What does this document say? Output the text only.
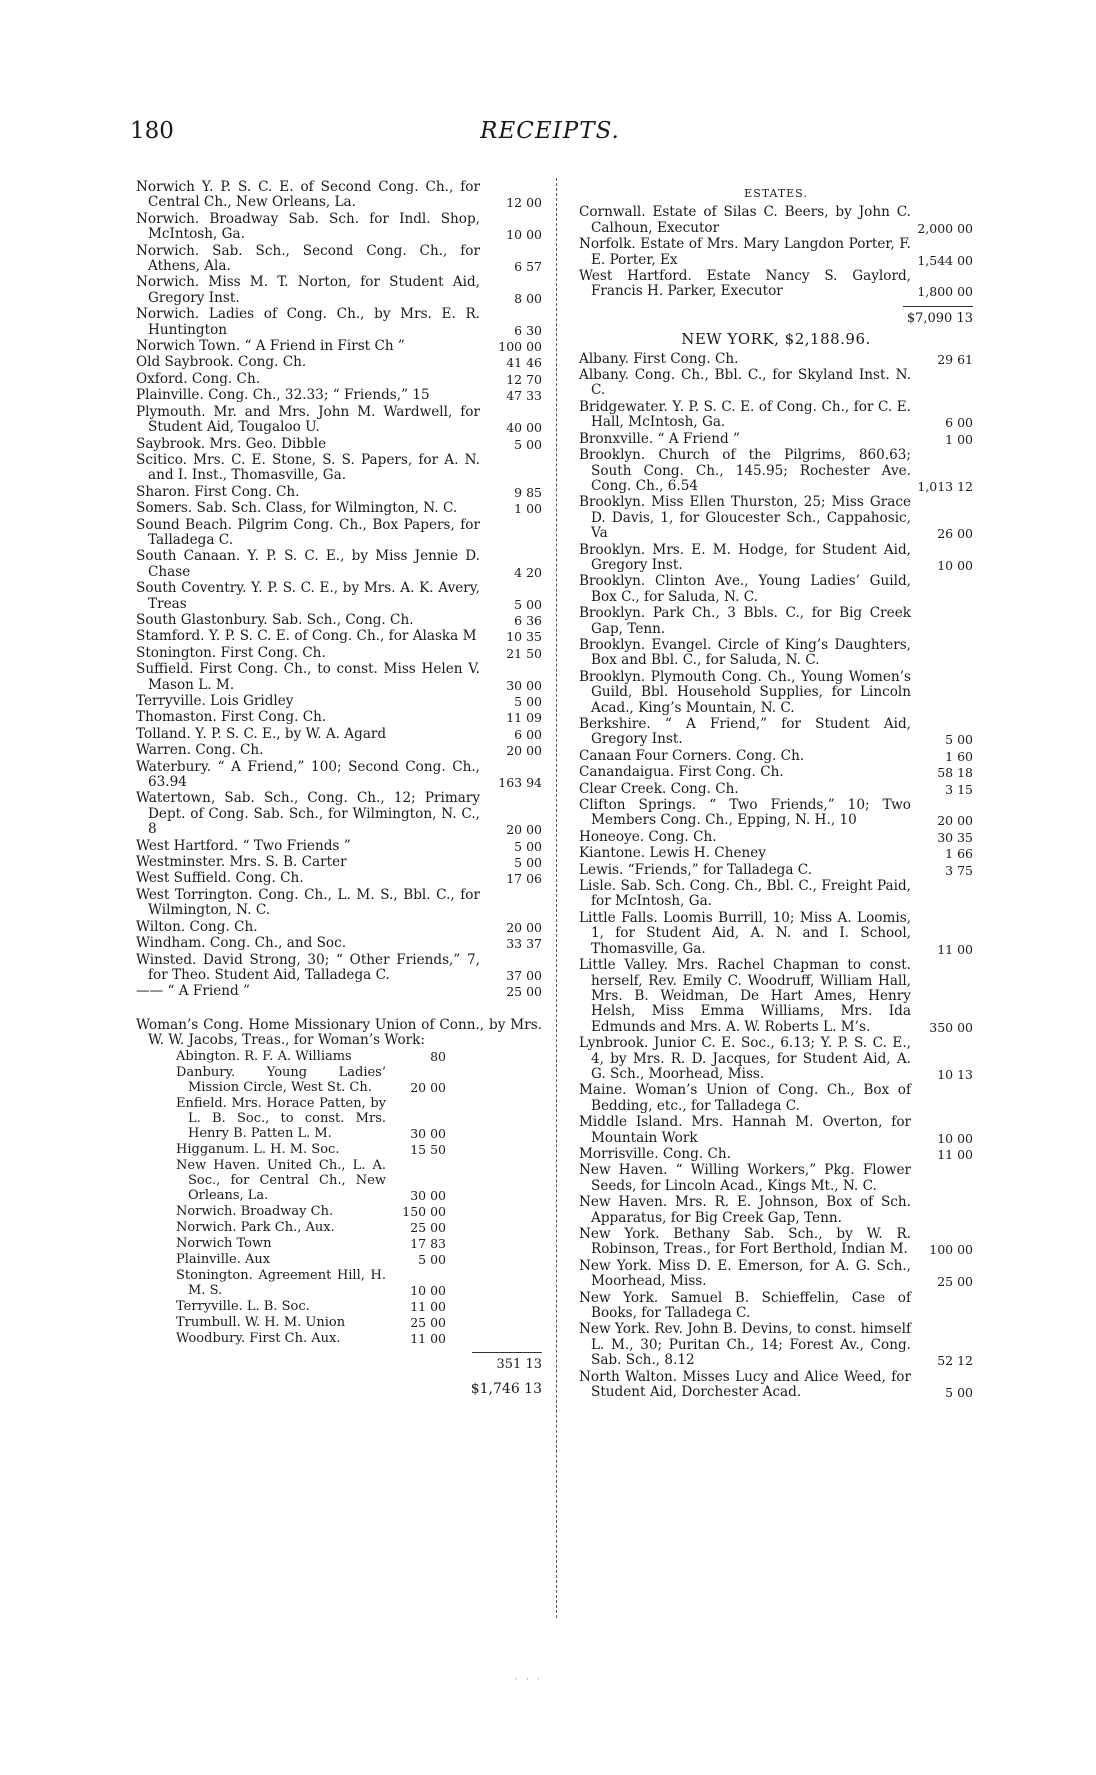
180	RECEIPTS.
Norwich Y. P. S. C. E. of Second Cong. Ch., for Central Ch., New Orleans, La.	12 00
Norwich. Broadway Sab. Sch. for Indl. Shop, McIntosh, Ga.	10 00
Norwich. Sab. Sch., Second Cong. Ch., for Athens, Ala.	6 57
Norwich. Miss M. T. Norton, for Student Aid, Gregory Inst.	8 00
Norwich. Ladies of Cong. Ch., by Mrs. E. R. Huntington	6 30
Norwich Town. “ A Friend in First Ch ”	100 00
Old Saybrook. Cong. Ch.	41 46
Oxford. Cong. Ch.	12 70
Plainville. Cong. Ch., 32.33; “ Friends,” 15	47 33
Plymouth. Mr. and Mrs. John M. Wardwell, for Student Aid, Tougaloo U.	40 00
Saybrook. Mrs. Geo. Dibble	5 00
Scitico. Mrs. C. E. Stone, S. S. Papers, for A. N. and I. Inst., Thomasville, Ga.
Sharon. First Cong. Ch.	9 85
Somers. Sab. Sch. Class, for Wilmington, N. C.	1 00
Sound Beach. Pilgrim Cong. Ch., Box Papers, for Talladega C.
South Canaan. Y. P. S. C. E., by Miss Jennie D. Chase	4 20
South Coventry. Y. P. S. C. E., by Mrs. A. K. Avery, Treas	5 00
South Glastonbury. Sab. Sch., Cong. Ch.	6 36
Stamford. Y. P. S. C. E. of Cong. Ch., for Alaska M	10 35
Stonington. First Cong. Ch.	21 50
Suffield. First Cong. Ch., to const. Miss Helen V. Mason L. M.	30 00
Terryville. Lois Gridley	5 00
Thomaston. First Cong. Ch.	11 09
Tolland. Y. P. S. C. E., by W. A. Agard	6 00
Warren. Cong. Ch.	20 00
Waterbury. “ A Friend,” 100; Second Cong. Ch., 63.94	163 94
Watertown, Sab. Sch., Cong. Ch., 12; Primary Dept. of Cong. Sab. Sch., for Wilmington, N. C., 8	20 00
West Hartford. “ Two Friends ”	5 00
Westminster. Mrs. S. B. Carter	5 00
West Suffield. Cong. Ch.	17 06
West Torrington. Cong. Ch., L. M. S., Bbl. C., for Wilmington, N. C.
Wilton. Cong. Ch.	20 00
Windham. Cong. Ch., and Soc.	33 37
Winsted. David Strong, 30; “ Other Friends,” 7, for Theo. Student Aid, Talladega C.	37 00
—— “ A Friend ”	25 00
Woman’s Cong. Home Missionary Union of Conn., by Mrs. W. W. Jacobs, Treas., for Woman’s Work:
Abington. R. F. A. Williams	80
Danbury. Young Ladies’ Mission Circle, West St. Ch.	20 00
Enfield. Mrs. Horace Patten, by L. B. Soc., to const. Mrs. Henry B. Patten L. M.	30 00
Higganum. L. H. M. Soc.	15 50
New Haven. United Ch., L. A. Soc., for Central Ch., New Orleans, La.	30 00
Norwich. Broadway Ch.	150 00
Norwich. Park Ch., Aux.	25 00
Norwich Town	17 83
Plainville. Aux	5 00
Stonington. Agreement Hill, H. M. S.	10 00
Terryville. L. B. Soc.	11 00
Trumbull. W. H. M. Union	25 00
Woodbury. First Ch. Aux.	11 00
351 13
$1,746 13
ESTATES.
Cornwall. Estate of Silas C. Beers, by John C. Calhoun, Executor	2,000 00
Norfolk. Estate of Mrs. Mary Langdon Porter, F. E. Porter, Ex	1,544 00
West Hartford. Estate Nancy S. Gaylord, Francis H. Parker, Executor	1,800 00
$7,090 13
NEW YORK, $2,188.96.
Albany. First Cong. Ch.	29 61
Albany. Cong. Ch., Bbl. C., for Skyland Inst. N. C.
Bridgewater. Y. P. S. C. E. of Cong. Ch., for C. E. Hall, McIntosh, Ga.	6 00
Bronxville. “ A Friend ”	1 00
Brooklyn. Church of the Pilgrims, 860.63; South Cong. Ch., 145.95; Rochester Ave. Cong. Ch., 6.54	1,013 12
Brooklyn. Miss Ellen Thurston, 25; Miss Grace D. Davis, 1, for Gloucester Sch., Cappahosic, Va	26 00
Brooklyn. Mrs. E. M. Hodge, for Student Aid, Gregory Inst.	10 00
Brooklyn. Clinton Ave., Young Ladies’ Guild, Box C., for Saluda, N. C.
Brooklyn. Park Ch., 3 Bbls. C., for Big Creek Gap, Tenn.
Brooklyn. Evangel. Circle of King’s Daughters, Box and Bbl. C., for Saluda, N. C.
Brooklyn. Plymouth Cong. Ch., Young Women’s Guild, Bbl. Household Supplies, for Lincoln Acad., King’s Mountain, N. C.
Berkshire. “ A Friend,” for Student Aid, Gregory Inst.	5 00
Canaan Four Corners. Cong. Ch.	1 60
Canandaigua. First Cong. Ch.	58 18
Clear Creek. Cong. Ch.	3 15
Clifton Springs. “ Two Friends,” 10; Two Members Cong. Ch., Epping, N. H., 10	20 00
Honeoye. Cong. Ch.	30 35
Kiantone. Lewis H. Cheney	1 66
Lewis. “Friends,” for Talladega C.	3 75
Lisle. Sab. Sch. Cong. Ch., Bbl. C., Freight Paid, for McIntosh, Ga.
Little Falls. Loomis Burrill, 10; Miss A. Loomis, 1, for Student Aid, A. N. and I. School, Thomasville, Ga.	11 00
Little Valley. Mrs. Rachel Chapman to const. herself, Rev. Emily C. Woodruff, William Hall, Mrs. B. Weidman, De Hart Ames, Henry Helsh, Miss Emma Williams, Mrs. Ida Edmunds and Mrs. A. W. Roberts L. M’s.	350 00
Lynbrook. Junior C. E. Soc., 6.13; Y. P. S. C. E., 4, by Mrs. R. D. Jacques, for Student Aid, A. G. Sch., Moorhead, Miss.	10 13
Maine. Woman’s Union of Cong. Ch., Box of Bedding, etc., for Talladega C.
Middle Island. Mrs. Hannah M. Overton, for Mountain Work	10 00
Morrisville. Cong. Ch.	11 00
New Haven. “ Willing Workers,” Pkg. Flower Seeds, for Lincoln Acad., Kings Mt., N. C.
New Haven. Mrs. R. E. Johnson, Box of Sch. Apparatus, for Big Creek Gap, Tenn.
New York. Bethany Sab. Sch., by W. R. Robinson, Treas., for Fort Berthold, Indian M.	100 00
New York. Miss D. E. Emerson, for A. G. Sch., Moorhead, Miss.	25 00
New York. Samuel B. Schieffelin, Case of Books, for Talladega C.
New York. Rev. John B. Devins, to const. himself L. M., 30; Puritan Ch., 14; Forest Av., Cong. Sab. Sch., 8.12	52 12
North Walton. Misses Lucy and Alice Weed, for Student Aid, Dorchester Acad.	5 00
· · ·
